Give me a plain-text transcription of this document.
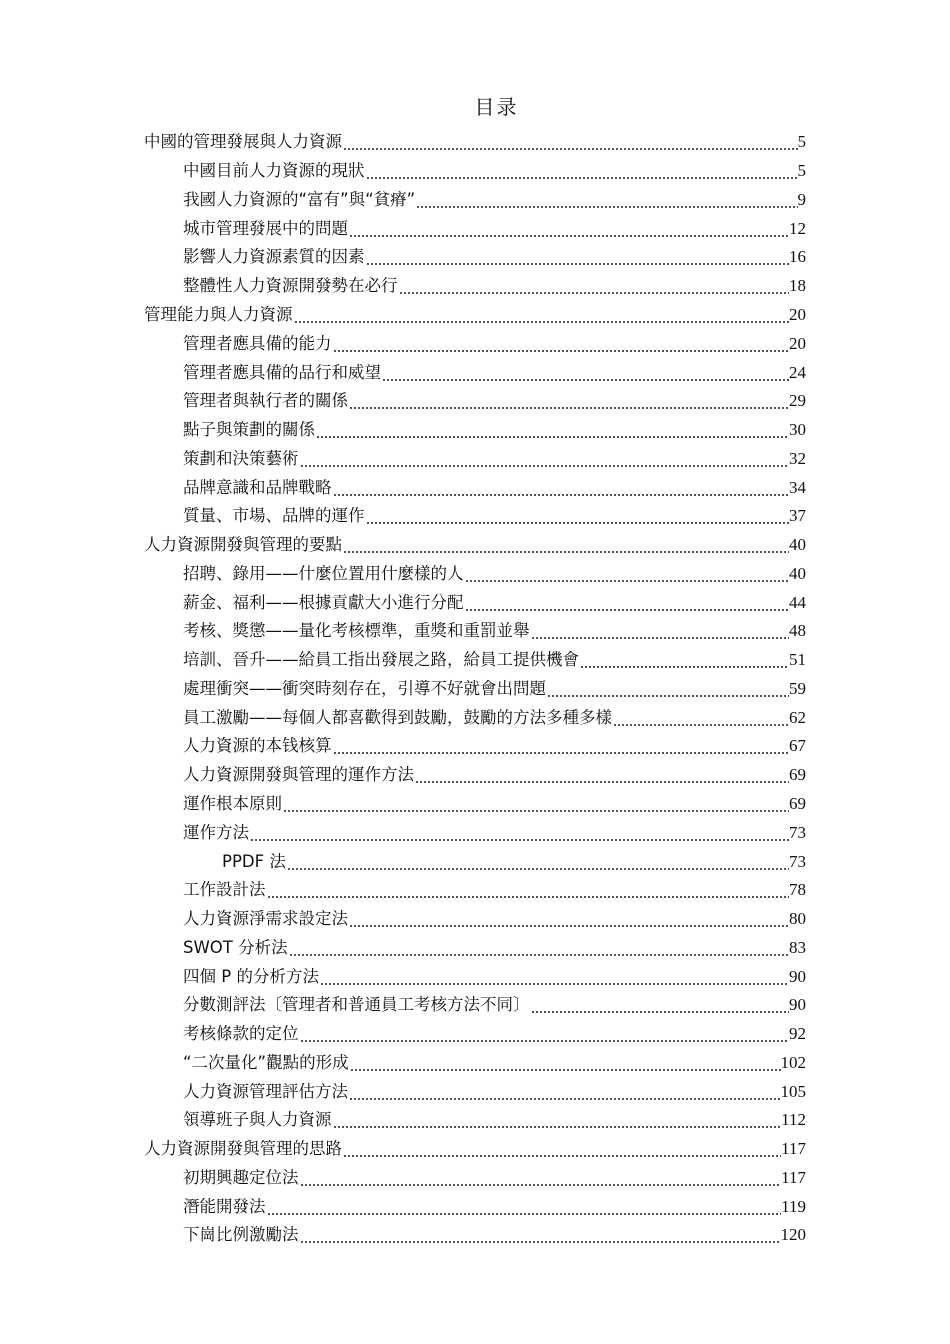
目录
中國的管理發展與人力資源	5
中國目前人力資源的現狀	5
我國人力資源的“富有”與“貧瘠”	9
城市管理發展中的問題	12
影響人力資源素質的因素	16
整體性人力資源開發勢在必行	18
管理能力與人力資源	20
管理者應具備的能力	20
管理者應具備的品行和威望	24
管理者與執行者的關係	29
點子與策劃的關係	30
策劃和決策藝術	32
品牌意識和品牌戰略	34
質量、市場、品牌的運作	37
人力資源開發與管理的要點	40
招聘、錄用——什麼位置用什麼樣的人	40
薪金、福利——根據貢獻大小進行分配	44
考核、獎懲——量化考核標準，重獎和重罰並舉	48
培訓、晉升——給員工指出發展之路，給員工提供機會	51
處理衝突——衝突時刻存在，引導不好就會出問題	59
員工激勵——每個人都喜歡得到鼓勵，鼓勵的方法多種多樣	62
人力資源的本钱核算	67
人力資源開發與管理的運作方法	69
運作根本原則	69
運作方法	73
PPDF 法	73
工作設計法	78
人力資源淨需求設定法	80
SWOT 分析法	83
四個 P 的分析方法	90
分數測評法〔管理者和普通員工考核方法不同〕	90
考核條款的定位	92
“二次量化”觀點的形成	102
人力資源管理評估方法	105
領導班子與人力資源	112
人力資源開發與管理的思路	117
初期興趣定位法	117
潛能開發法	119
下崗比例激勵法	120
